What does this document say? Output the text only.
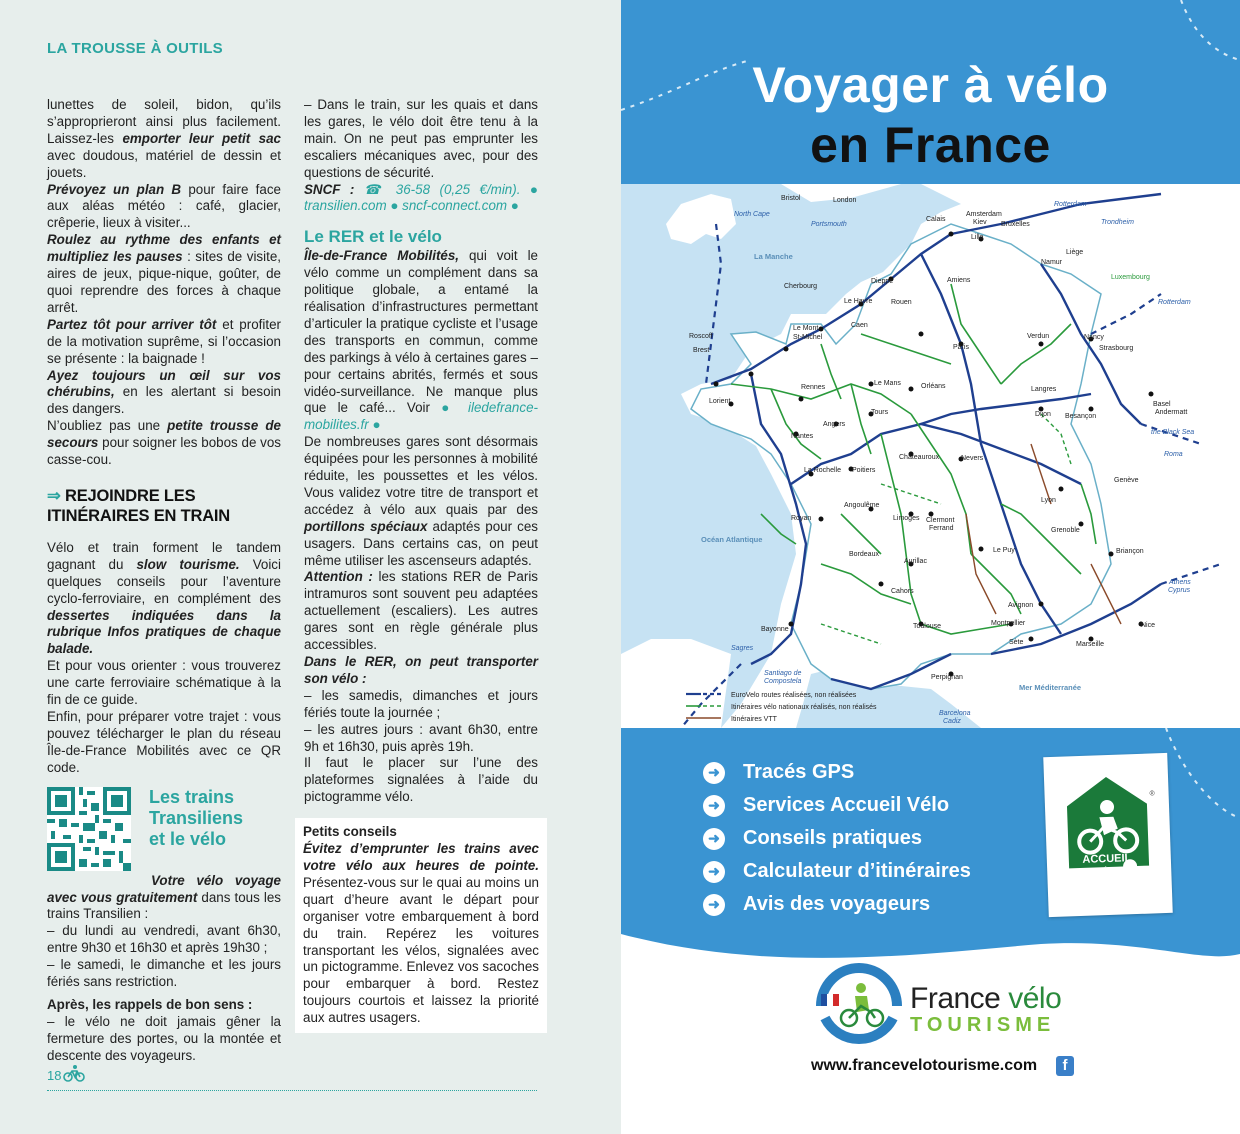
LA TROUSSE À OUTILS

lunettes de soleil, bidon, qu’ils s’approprieront ainsi plus facilement. Laissez-les emporter leur petit sac avec doudous, matériel de dessin et jouets.

Prévoyez un plan B pour faire face aux aléas météo : café, glacier, crêperie, lieux à visiter...

Roulez au rythme des enfants et multipliez les pauses : sites de visite, aires de jeux, pique-nique, goûter, de quoi reprendre des forces à chaque arrêt.

Partez tôt pour arriver tôt et profiter de la motivation suprême, si l’occasion se présente : la baignade !

Ayez toujours un œil sur vos chérubins, en les alertant si besoin des dangers.

N’oubliez pas une petite trousse de secours pour soigner les bobos de vos casse-cou.

⇒ REJOINDRE LES ITINÉRAIRES EN TRAIN

Vélo et train forment le tandem gagnant du slow tourisme. Voici quelques conseils pour l’aventure cyclo-ferroviaire, en complément des dessertes indiquées dans la rubrique Infos pratiques de chaque balade.

Et pour vous orienter : vous trouverez une carte ferroviaire schématique à la fin de ce guide.

Enfin, pour préparer votre trajet : vous pouvez télécharger le plan du réseau Île-de-France Mobilités avec ce QR code.

Les trains Transiliens et le vélo

Votre vélo voyage avec vous gratuitement dans tous les trains Transilien :

– du lundi au vendredi, avant 6h30, entre 9h30 et 16h30 et après 19h30 ;

– le samedi, le dimanche et les jours fériés sans restriction.

Après, les rappels de bon sens :

– le vélo ne doit jamais gêner la fermeture des portes, ou la montée et descente des voyageurs.

– Dans le train, sur les quais et dans les gares, le vélo doit être tenu à la main. On ne peut pas emprunter les escaliers mécaniques avec, pour des questions de sécurité.

SNCF : ☎ 36-58 (0,25 €/min). ● transilien.com ● sncf-connect.com ●

Le RER et le vélo

Île-de-France Mobilités, qui voit le vélo comme un complément dans sa politique globale, a entamé la réalisation d’infrastructures permettant d’articuler la pratique cycliste et l’usage des transports en commun, comme des parkings à vélo à certaines gares – pour certains abrités, fermés et sous vidéo-surveillance. Ne manque plus que le café... Voir ● iledefrance-mobilites.fr ●

De nombreuses gares sont désormais équipées pour les personnes à mobilité réduite, les poussettes et les vélos. Vous validez votre titre de transport et accédez à vélo aux quais par des portillons spéciaux adaptés pour ces usagers. Dans certains cas, on peut même utiliser les ascenseurs adaptés.

Attention : les stations RER de Paris intramuros sont souvent peu adaptées actuellement (escaliers). Les autres gares sont en règle générale plus accessibles.

Dans le RER, on peut transporter son vélo :

– les samedis, dimanches et jours fériés toute la journée ;

– les autres jours : avant 6h30, entre 9h et 16h30, puis après 19h.

Il faut le placer sur l’une des plateformes signalées à l’aide du pictogramme vélo.

Petits conseils

Évitez d’emprunter les trains avec votre vélo aux heures de pointe. Présentez-vous sur le quai au moins un quart d’heure avant le départ pour organiser votre embarquement à bord du train. Repérez les voitures transportant les vélos, signalées avec un pictogramme. Enlevez vos sacoches pour embarquer à bord. Restez toujours courtois et laissez la priorité aux autres usagers.

18
Voyager à vélo
en France
Bristol	London
Calais
Amsterdam
Kiev Bruxelles
Lille
Liège
Namur
Amiens
Dieppe
Le Havre	Rouen
Cherbourg
Caen
Le Mont
St-Michel
Roscoff
Brest
Lorient
Rennes
Le Mans	Orléans
Paris
Verdun	Nancy
Strasbourg
Langres
Dijon Besançon
Basel
Andermatt
Nantes
Angers
Tours
Châteauroux	Nevers
La Rochelle Poitiers
Angoulême
Limoges
Royan	Clermont
Ferrand
Bordeaux
Lyon
Genève
Grenoble
Briançon
Le Puy
Aurillac
Cahors
Avignon
Bayonne	Toulouse	Montpellier
Sète	Marseille
Nice
Perpignan
Luxembourg
North Cape
Portsmouth
Rotterdam
Trondheim
Rotterdam
the Black Sea
Roma
Athens
Cyprus
Sagres
Santiago de
Compostela
Barcelona
Cadiz
La Manche
Océan Atlantique
Mer Méditerranée
EuroVelo routes réalisées, non réalisées
Itinéraires vélo nationaux réalisés, non réalisés
Itinéraires VTT
➜ Tracés GPS
➜ Services Accueil Vélo
➜ Conseils pratiques
➜ Calculateur d’itinéraires
➜ Avis des voyageurs
®
ACCUEIL
VÉLO
France vélo
TOURISME
www.francevelotourisme.com	f
